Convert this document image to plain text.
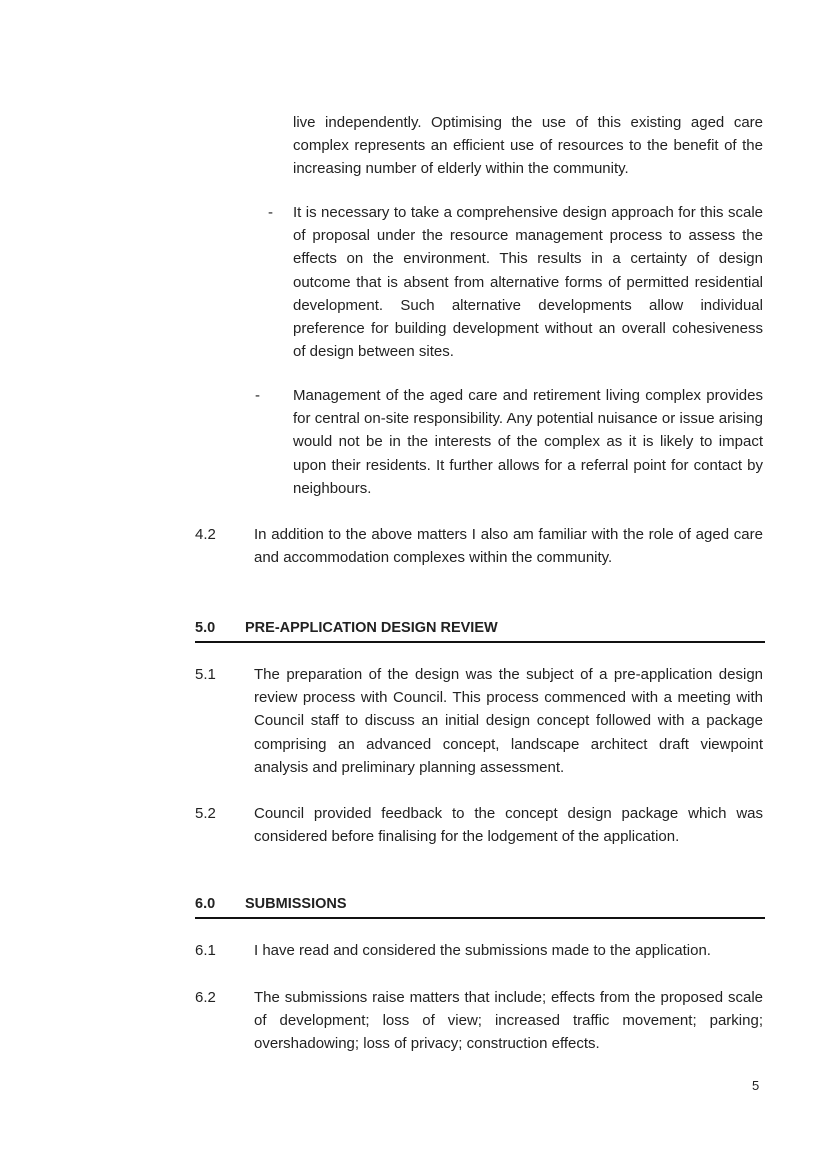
live independently. Optimising the use of this existing aged care complex represents an efficient use of resources to the benefit of the increasing number of elderly within the community.

- It is necessary to take a comprehensive design approach for this scale of proposal under the resource management process to assess the effects on the environment. This results in a certainty of design outcome that is absent from alternative forms of permitted residential development. Such alternative developments allow individual preference for building development without an overall cohesiveness of design between sites.

- Management of the aged care and retirement living complex provides for central on-site responsibility. Any potential nuisance or issue arising would not be in the interests of the complex as it is likely to impact upon their residents. It further allows for a referral point for contact by neighbours.

4.2	In addition to the above matters I also am familiar with the role of aged care and accommodation complexes within the community.

5.0 PRE-APPLICATION DESIGN REVIEW
5.1	The preparation of the design was the subject of a pre-application design review process with Council. This process commenced with a meeting with Council staff to discuss an initial design concept followed with a package comprising an advanced concept, landscape architect draft viewpoint analysis and preliminary planning assessment.

5.2	Council provided feedback to the concept design package which was considered before finalising for the lodgement of the application.

6.0 SUBMISSIONS
6.1	I have read and considered the submissions made to the application.

6.2	The submissions raise matters that include; effects from the proposed scale of development; loss of view; increased traffic movement; parking; overshadowing; loss of privacy; construction effects.

5
